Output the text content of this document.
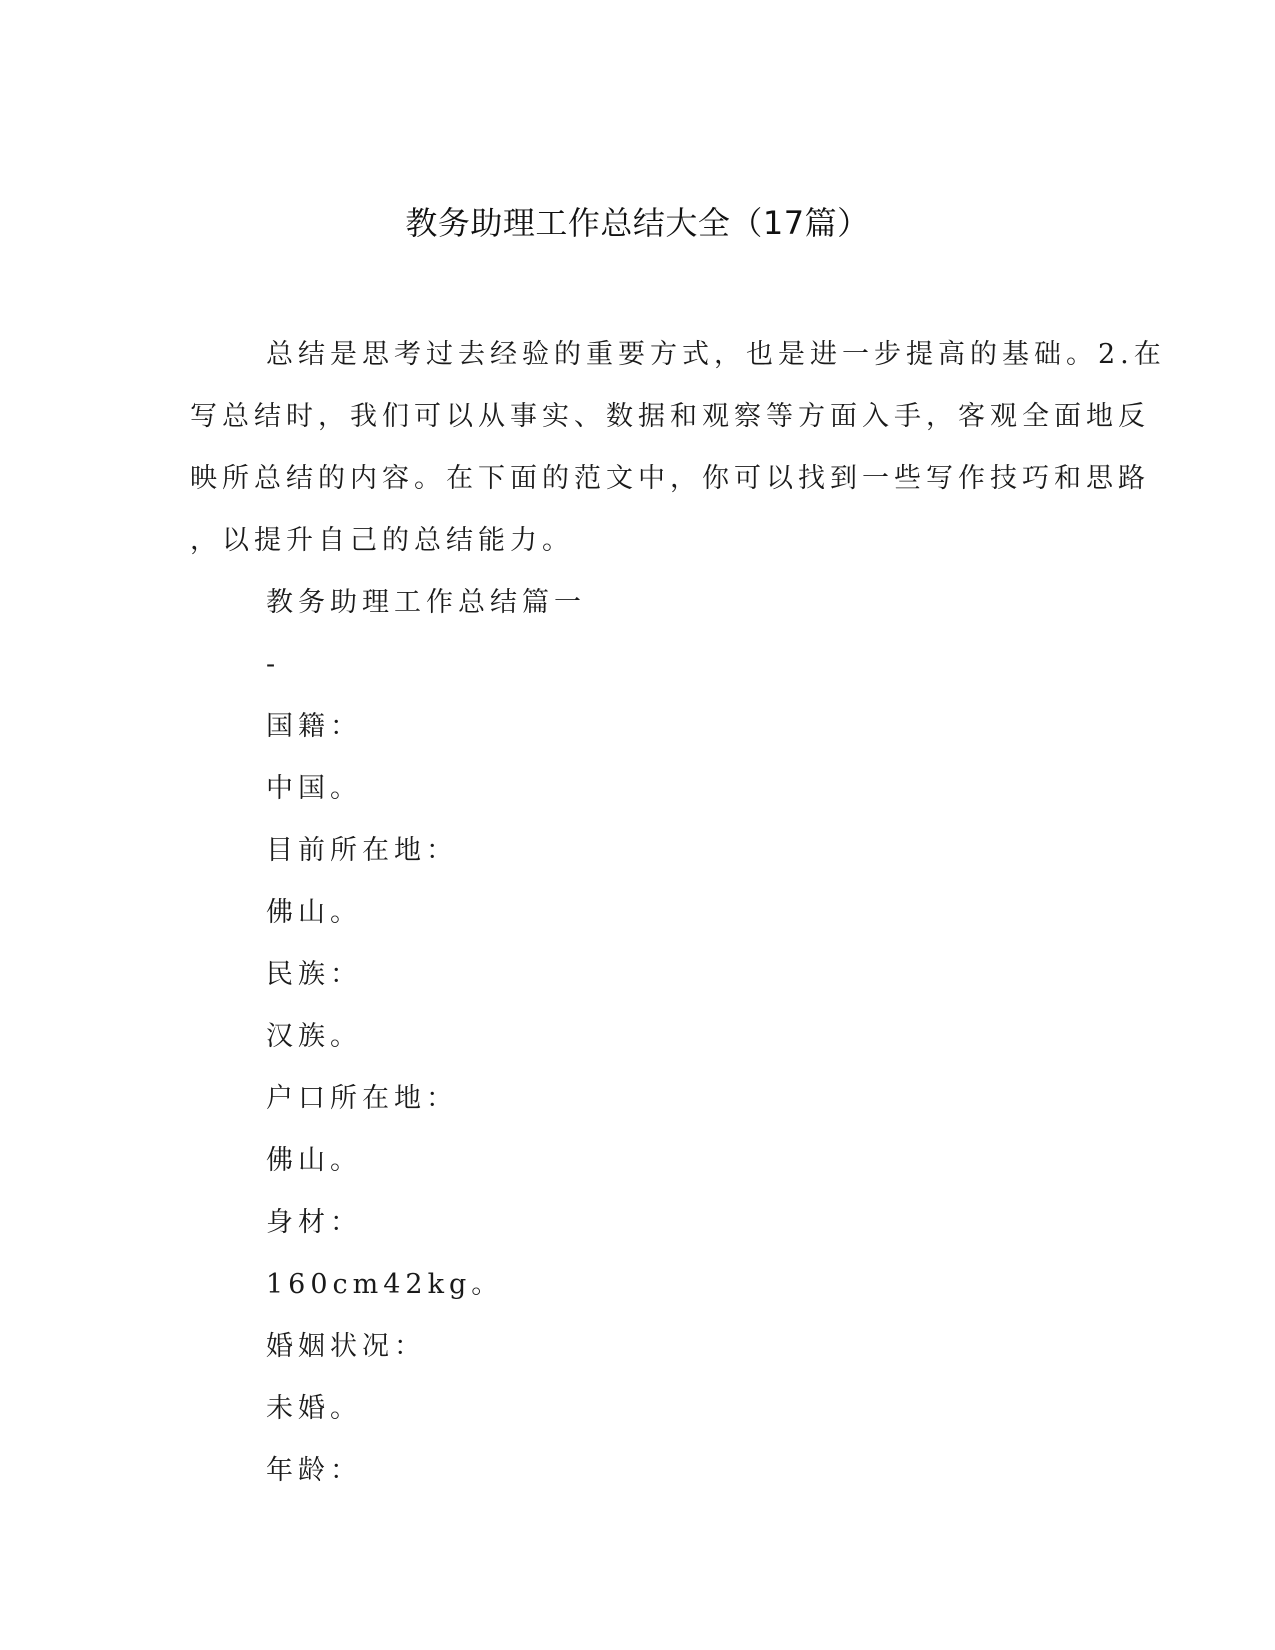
教务助理工作总结大全（17篇）

总结是思考过去经验的重要方式，也是进一步提高的基础。2.在

写总结时，我们可以从事实、数据和观察等方面入手，客观全面地反

映所总结的内容。在下面的范文中，你可以找到一些写作技巧和思路

，以提升自己的总结能力。

教务助理工作总结篇一

-

国籍：

中国。

目前所在地：

佛山。

民族：

汉族。

户口所在地：

佛山。

身材：

160cm42kg。

婚姻状况：

未婚。

年龄：
